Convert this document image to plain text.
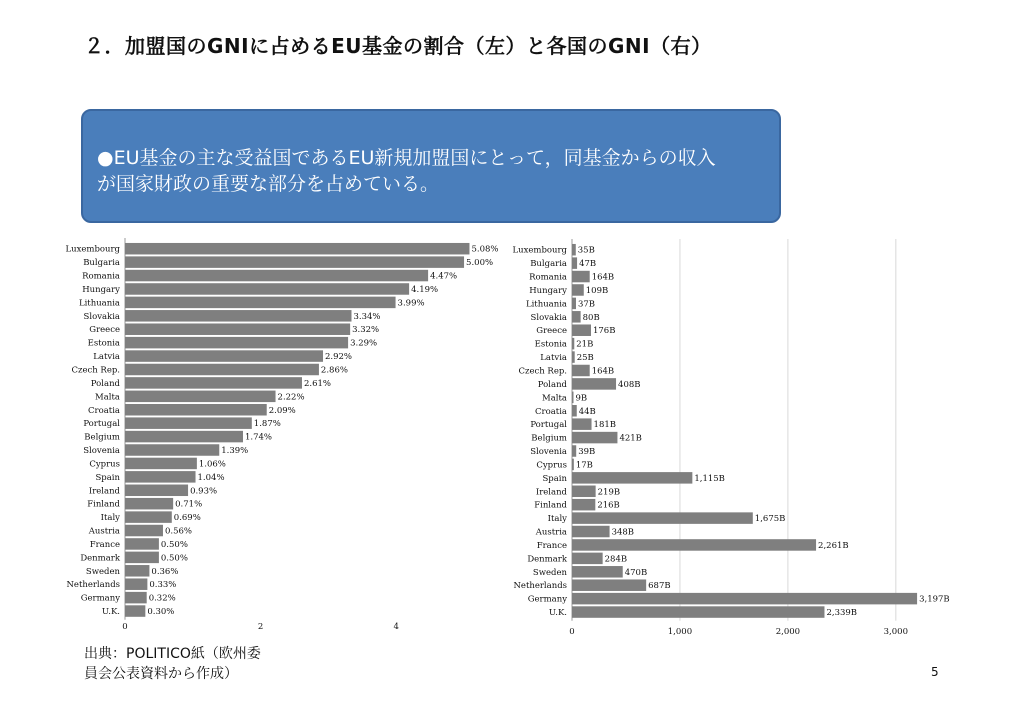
２．加盟国のGNIに占めるEU基金の割合（左）と各国のGNI（右）
●EU基金の主な受益国であるEU新規加盟国にとって，同基金からの収入
が国家財政の重要な部分を占めている。
Luxembourg	5.08%
Bulgaria	5.00%
Romania	4.47%
Hungary	4.19%
Lithuania	3.99%
Slovakia	3.34%
Greece	3.32%
Estonia	3.29%
Latvia	2.92%
Czech Rep.	2.86%
Poland	2.61%
Malta	2.22%
Croatia	2.09%
Portugal	1.87%
Belgium	1.74%
Slovenia	1.39%
Cyprus	1.06%
Spain	1.04%
Ireland	0.93%
Finland	0.71%
Italy	0.69%
Austria	0.56%
France	0.50%
Denmark	0.50%
Sweden	0.36%
Netherlands	0.33%
Germany	0.32%
U.K.	0.30%
0	2	4
Luxembourg 35B
Bulgaria 47B
Romania	164B
Hungary 109B
Lithuania 37B
Slovakia 80B
Greece	176B
Estonia 21B
Latvia 25B
Czech Rep.	164B
Poland	408B
Malta 9B
Croatia 44B
Portugal	181B
Belgium	421B
Slovenia 39B
Cyprus 17B
Spain	1,115B
Ireland	219B
Finland	216B
Italy	1,675B
Austria	348B
France	2,261B
Denmark	284B
Sweden	470B
Netherlands	687B
Germany	3,197B
U.K.	2,339B
0	1,000	2,000	3,000
出典：POLITICO紙（欧州委
員会公表資料から作成）	5
